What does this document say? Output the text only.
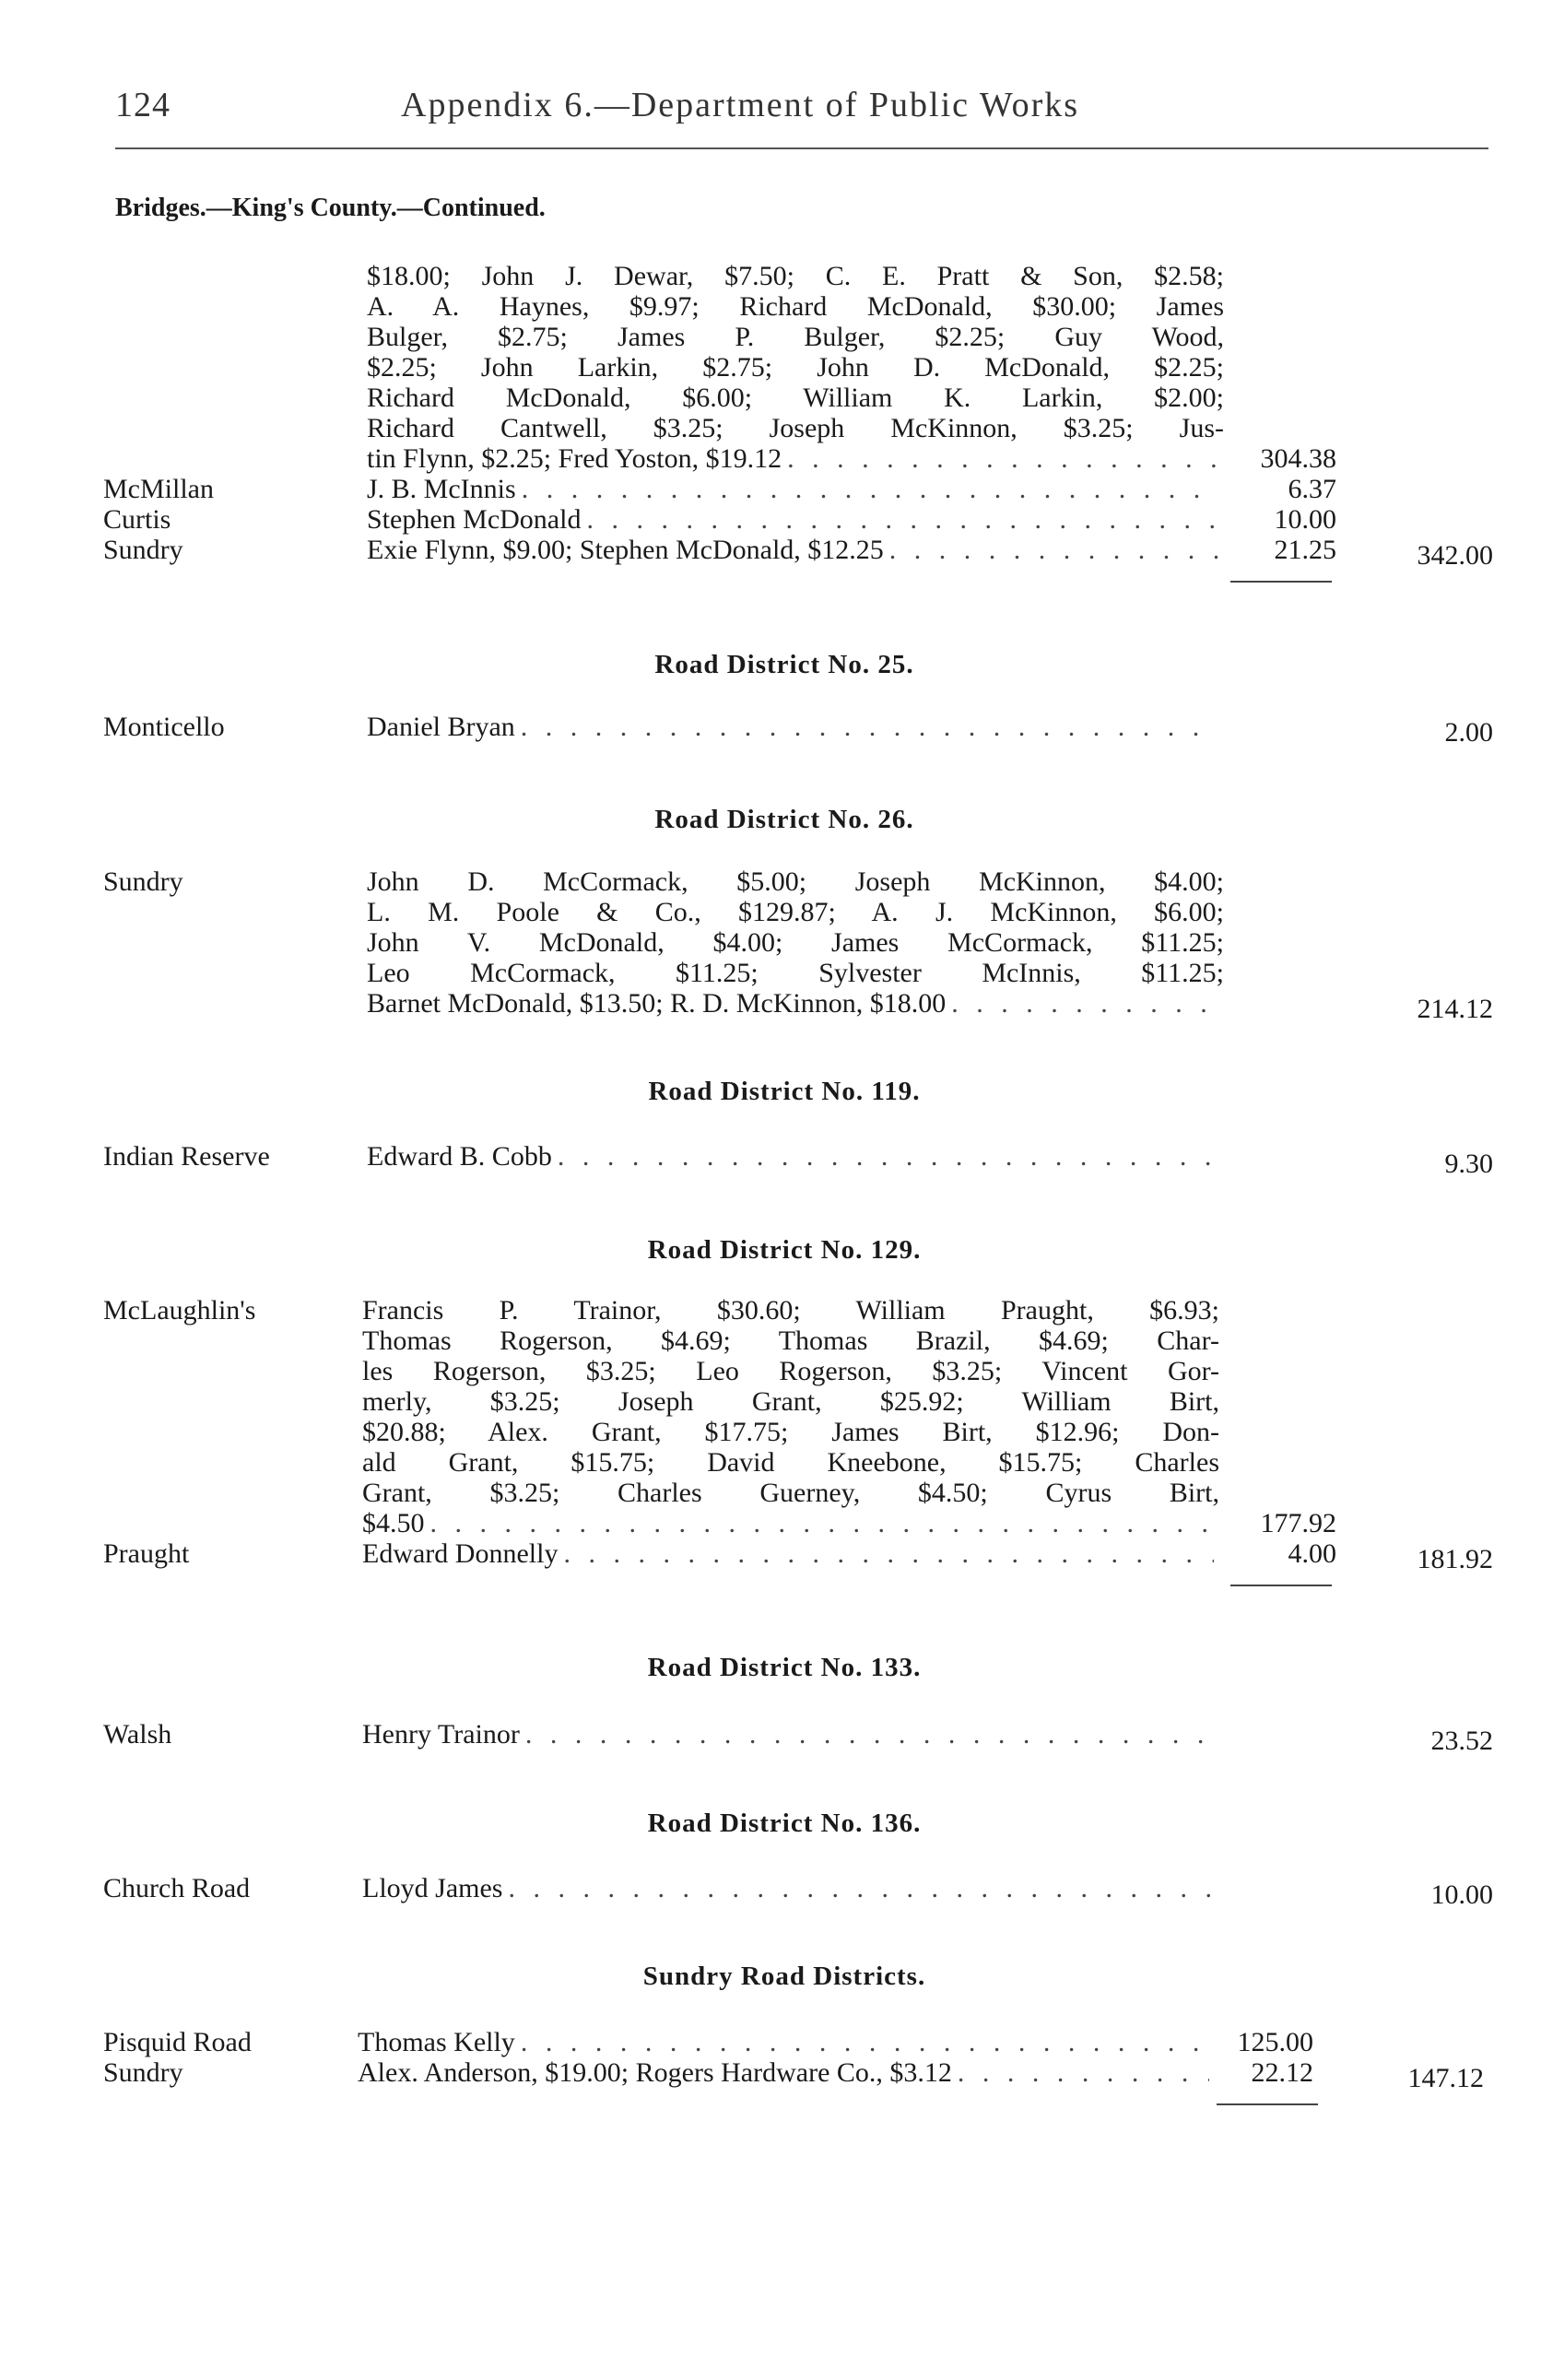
124	Appendix 6.—Department of Public Works
Bridges.—King's County.—Continued.
$18.00; John J. Dewar, $7.50; C. E. Pratt & Son, $2.58;
A. A. Haynes, $9.97; Richard McDonald, $30.00; James
Bulger, $2.75; James P. Bulger, $2.25; Guy Wood,
$2.25; John Larkin, $2.75; John D. McDonald, $2.25;
Richard McDonald, $6.00; William K. Larkin, $2.00;
Richard Cantwell, $3.25; Joseph McKinnon, $3.25; Jus-
tin Flynn, $2.25; Fred Yoston, $19.12 . . .	304.38
McMillan	J. B. McInnis . . .	6.37
Curtis	Stephen McDonald . . .	10.00
Sundry	Exie Flynn, $9.00; Stephen McDonald, $12.25 . . .	21.25	342.00
Road District No. 25.
Monticello	Daniel Bryan . . .	2.00
Road District No. 26.
Sundry	John D. McCormack, $5.00; Joseph McKinnon, $4.00;
L. M. Poole & Co., $129.87; A. J. McKinnon, $6.00;
John V. McDonald, $4.00; James McCormack, $11.25;
Leo McCormack, $11.25; Sylvester McInnis, $11.25;
Barnet McDonald, $13.50; R. D. McKinnon, $18.00 . . .	214.12
Road District No. 119.
Indian Reserve	Edward B. Cobb . . .	9.30
Road District No. 129.
McLaughlin's	Francis P. Trainor, $30.60; William Praught, $6.93;
Thomas Rogerson, $4.69; Thomas Brazil, $4.69; Char-
les Rogerson, $3.25; Leo Rogerson, $3.25; Vincent Gor-
merly, $3.25; Joseph Grant, $25.92; William Birt,
$20.88; Alex. Grant, $17.75; James Birt, $12.96; Don-
ald Grant, $15.75; David Kneebone, $15.75; Charles
Grant, $3.25; Charles Guerney, $4.50; Cyrus Birt,
$4.50 . . .	177.92
Praught	Edward Donnelly . . .	4.00	181.92
Road District No. 133.
Walsh	Henry Trainor . . .	23.52
Road District No. 136.
Church Road	Lloyd James . . .	10.00
Sundry Road Districts.
Pisquid Road	Thomas Kelly . . .	125.00
Sundry	Alex. Anderson, $19.00; Rogers Hardware Co., $3.12 . . .	22.12	147.12
